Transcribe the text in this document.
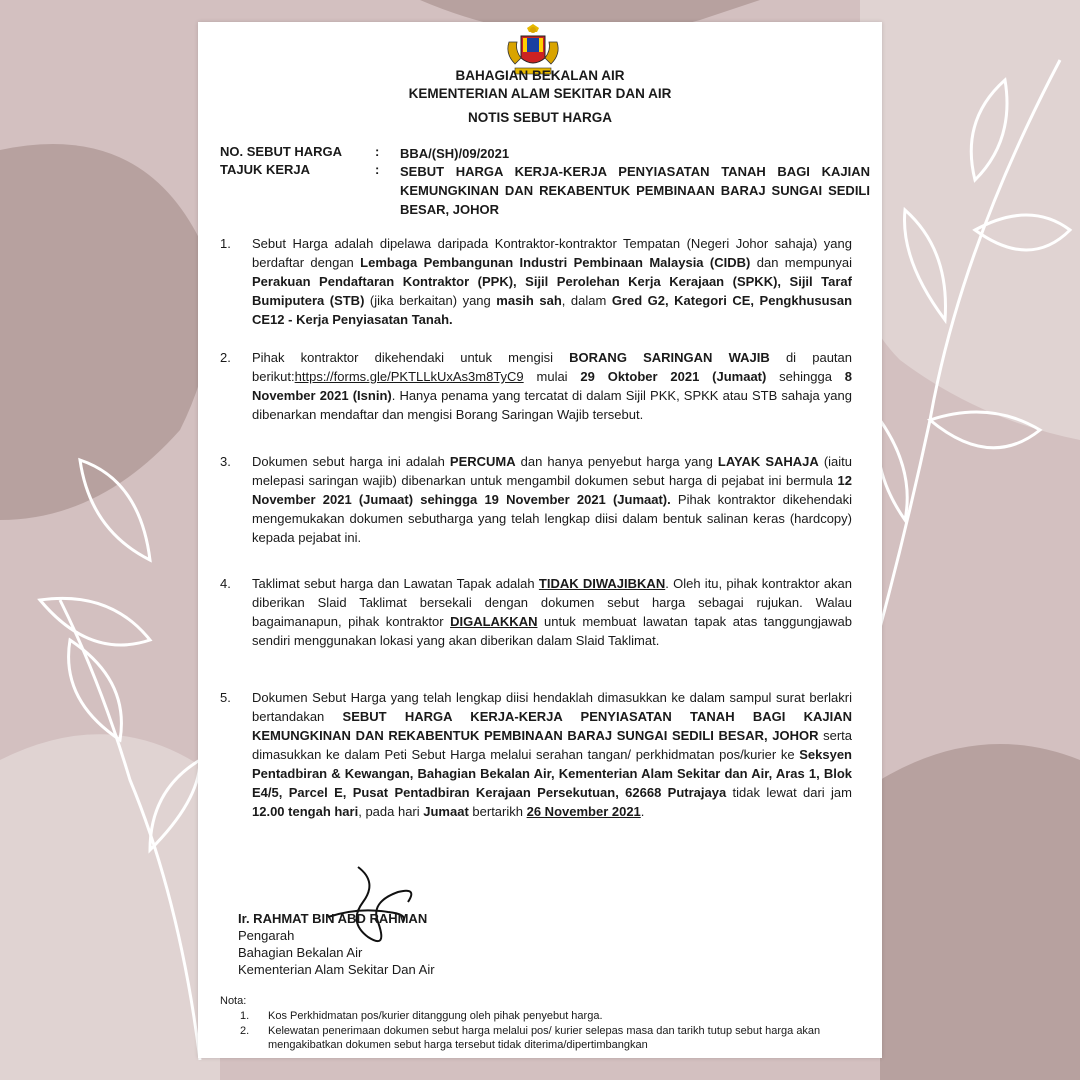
BAHAGIAN BEKALAN AIR
KEMENTERIAN ALAM SEKITAR DAN AIR
NOTIS SEBUT HARGA
NO. SEBUT HARGA	: BBA/(SH)/09/2021
TAJUK KERJA	: SEBUT HARGA KERJA-KERJA PENYIASATAN TANAH BAGI KAJIAN KEMUNGKINAN DAN REKABENTUK PEMBINAAN BARAJ SUNGAI SEDILI BESAR, JOHOR
1. Sebut Harga adalah dipelawa daripada Kontraktor-kontraktor Tempatan (Negeri Johor sahaja) yang berdaftar dengan Lembaga Pembangunan Industri Pembinaan Malaysia (CIDB) dan mempunyai Perakuan Pendaftaran Kontraktor (PPK), Sijil Perolehan Kerja Kerajaan (SPKK), Sijil Taraf Bumiputera (STB) (jika berkaitan) yang masih sah, dalam Gred G2, Kategori CE, Pengkhususan CE12 - Kerja Penyiasatan Tanah.
2. Pihak kontraktor dikehendaki untuk mengisi BORANG SARINGAN WAJIB di pautan berikut:https://forms.gle/PKTLLkUxAs3m8TyC9 mulai 29 Oktober 2021 (Jumaat) sehingga 8 November 2021 (Isnin). Hanya penama yang tercatat di dalam Sijil PKK, SPKK atau STB sahaja yang dibenarkan mendaftar dan mengisi Borang Saringan Wajib tersebut.
3. Dokumen sebut harga ini adalah PERCUMA dan hanya penyebut harga yang LAYAK SAHAJA (iaitu melepasi saringan wajib) dibenarkan untuk mengambil dokumen sebut harga di pejabat ini bermula 12 November 2021 (Jumaat) sehingga 19 November 2021 (Jumaat). Pihak kontraktor dikehendaki mengemukakan dokumen sebutharga yang telah lengkap diisi dalam bentuk salinan keras (hardcopy) kepada pejabat ini.
4. Taklimat sebut harga dan Lawatan Tapak adalah TIDAK DIWAJIBKAN. Oleh itu, pihak kontraktor akan diberikan Slaid Taklimat bersekali dengan dokumen sebut harga sebagai rujukan. Walau bagaimanapun, pihak kontraktor DIGALAKKAN untuk membuat lawatan tapak atas tanggungjawab sendiri menggunakan lokasi yang akan diberikan dalam Slaid Taklimat.
5. Dokumen Sebut Harga yang telah lengkap diisi hendaklah dimasukkan ke dalam sampul surat berlakri bertandakan SEBUT HARGA KERJA-KERJA PENYIASATAN TANAH BAGI KAJIAN KEMUNGKINAN DAN REKABENTUK PEMBINAAN BARAJ SUNGAI SEDILI BESAR, JOHOR serta dimasukkan ke dalam Peti Sebut Harga melalui serahan tangan/ perkhidmatan pos/kurier ke Seksyen Pentadbiran & Kewangan, Bahagian Bekalan Air, Kementerian Alam Sekitar dan Air, Aras 1, Blok E4/5, Parcel E, Pusat Pentadbiran Kerajaan Persekutuan, 62668 Putrajaya tidak lewat dari jam 12.00 tengah hari, pada hari Jumaat bertarikh 26 November 2021.
Ir. RAHMAT BIN ABD RAHMAN
Pengarah
Bahagian Bekalan Air
Kementerian Alam Sekitar Dan Air
Nota:
1. Kos Perkhidmatan pos/kurier ditanggung oleh pihak penyebut harga.
2. Kelewatan penerimaan dokumen sebut harga melalui pos/ kurier selepas masa dan tarikh tutup sebut harga akan mengakibatkan dokumen sebut harga tersebut tidak diterima/dipertimbangkan
